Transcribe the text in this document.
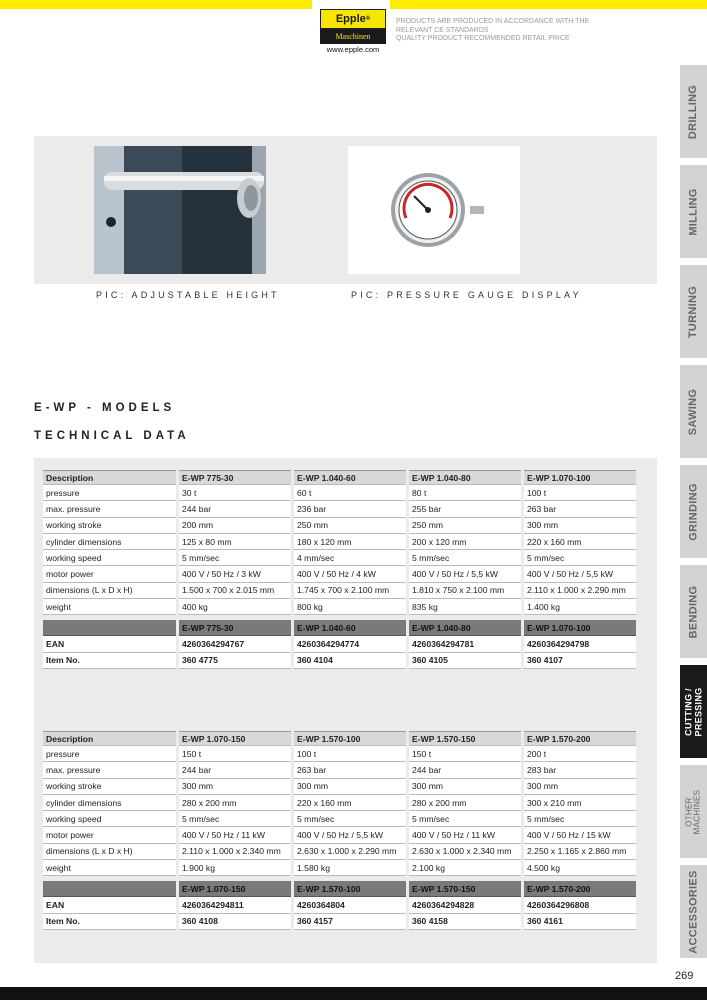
Epple ®
Maschinen
www.epple.com
PRODUCTS ARE PRODUCED IN ACCORDANCE WITH THE
RELEVANT CE STANDARDS
QUALITY PRODUCT RECOMMENDED RETAIL PRICE
DRILLING
MILLING
TURNING
SAWING
GRINDING
BENDING
CUTTING / PRESSING
OTHER MACHINES
ACCESSORIES
PIC: ADJUSTABLE HEIGHT	PIC: PRESSURE GAUGE DISPLAY
E-WP - MODELS
TECHNICAL DATA
Description	E-WP 775-30	E-WP 1.040-60	E-WP 1.040-80	E-WP 1.070-100
pressure	30 t	60 t	80 t	100 t
max. pressure	244 bar	236 bar	255 bar	263 bar
working stroke	200 mm	250 mm	250 mm	300 mm
cylinder dimensions	125 x 80 mm	180 x 120 mm	200 x 120 mm	220 x 160 mm
working speed	5 mm/sec	4 mm/sec	5 mm/sec	5 mm/sec
motor power	400 V / 50 Hz / 3 kW	400 V / 50 Hz / 4 kW	400 V / 50 Hz / 5,5 kW	400 V / 50 Hz / 5,5 kW
dimensions (L x D x H)	1.500 x 700 x 2.015 mm	1.745 x 700 x 2.100 mm	1.810 x 750 x 2.100 mm	2.110 x 1.000 x 2.290 mm
weight	400 kg	800 kg	835 kg	1.400 kg

	E-WP 775-30	E-WP 1.040-60	E-WP 1.040-80	E-WP 1.070-100
EAN	4260364294767	4260364294774	4260364294781	4260364294798
Item No.	360 4775	360 4104	360 4105	360 4107
Description	E-WP 1.070-150	E-WP 1.570-100	E-WP 1.570-150	E-WP 1.570-200
pressure	150 t	100 t	150 t	200 t
max. pressure	244 bar	263 bar	244 bar	283 bar
working stroke	300 mm	300 mm	300 mm	300 mm
cylinder dimensions	280 x 200 mm	220 x 160 mm	280 x 200 mm	300 x 210 mm
working speed	5 mm/sec	5 mm/sec	5 mm/sec	5 mm/sec
motor power	400 V / 50 Hz / 11 kW	400 V / 50 Hz / 5,5 kW	400 V / 50 Hz / 11 kW	400 V / 50 Hz / 15 kW
dimensions (L x D x H)	2.110 x 1.000 x 2.340 mm	2.630 x 1.000 x 2.290 mm	2.630 x 1.000 x 2.340 mm	2.250 x 1.165 x 2.860 mm
weight	1.900 kg	1.580 kg	2.100 kg	4.500 kg

	E-WP 1.070-150	E-WP 1.570-100	E-WP 1.570-150	E-WP 1.570-200
EAN	4260364294811	4260364804	4260364294828	4260364296808
Item No.	360 4108	360 4157	360 4158	360 4161
269
